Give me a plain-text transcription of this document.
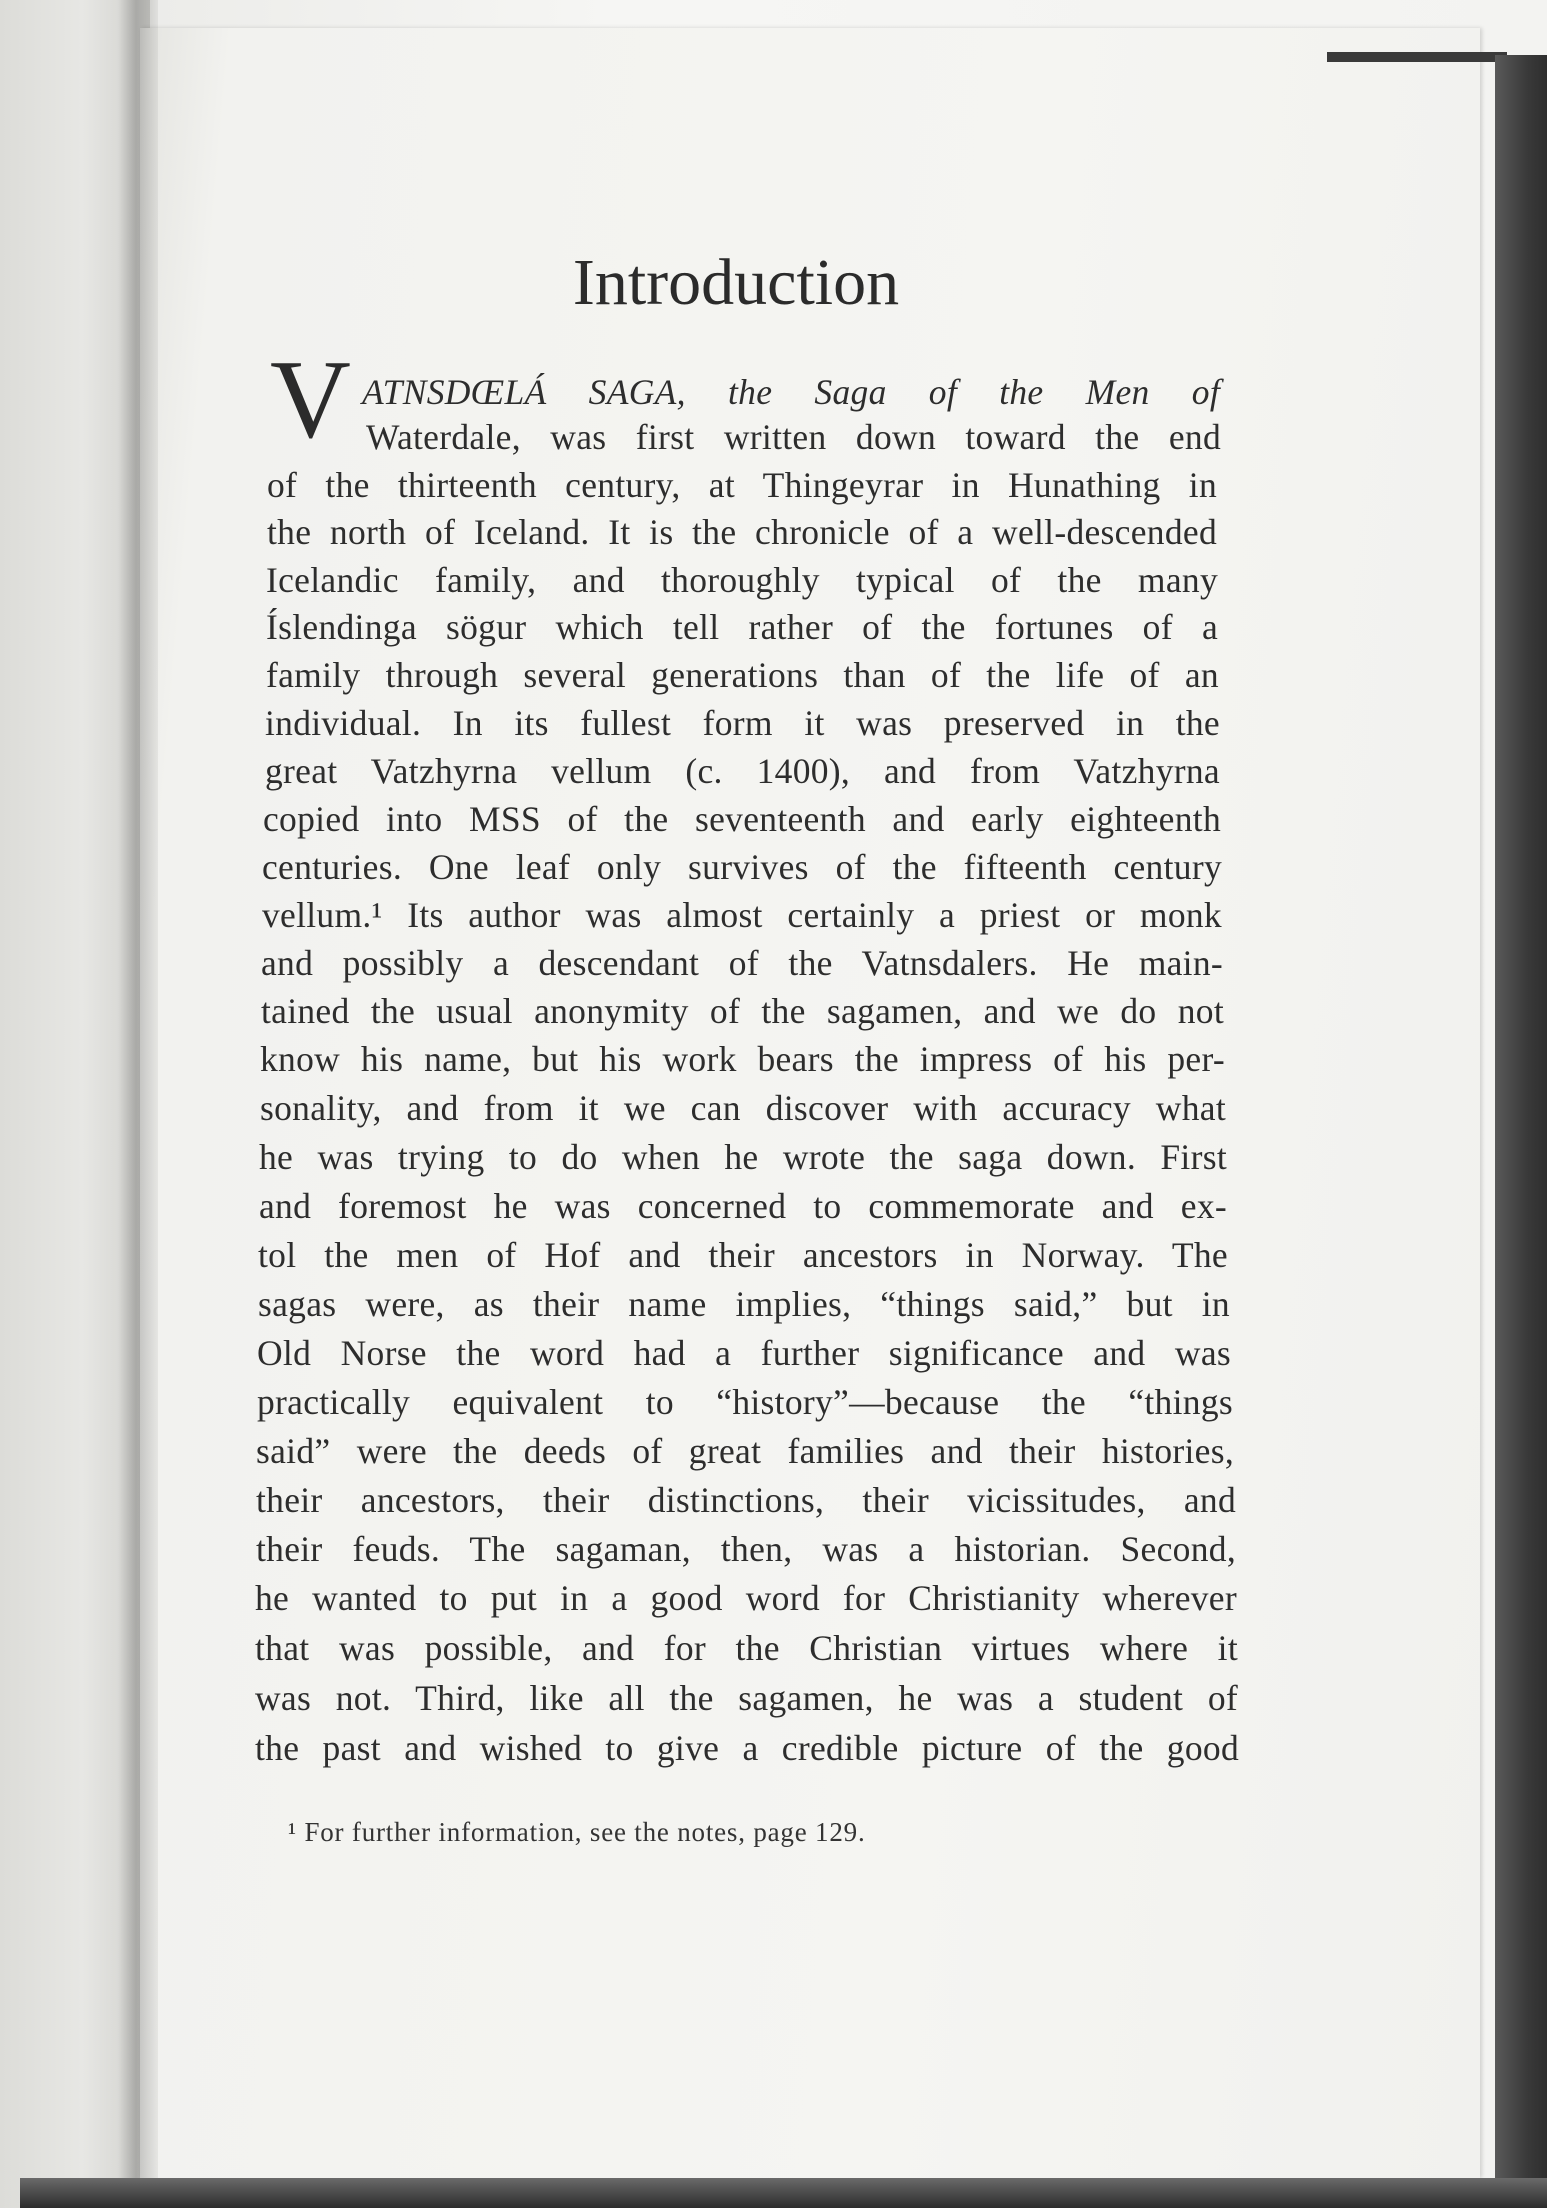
Introduction
V ATNSDŒLÁ SAGA, the Saga of the Men of
Waterdale, was first written down toward the end
of the thirteenth century, at Thingeyrar in Hunathing in
the north of Iceland. It is the chronicle of a well-descended
Icelandic family, and thoroughly typical of the many
Íslendinga sögur which tell rather of the fortunes of a
family through several generations than of the life of an
individual. In its fullest form it was preserved in the
great Vatzhyrna vellum (c. 1400), and from Vatzhyrna
copied into MSS of the seventeenth and early eighteenth
centuries. One leaf only survives of the fifteenth century
vellum.¹ Its author was almost certainly a priest or monk
and possibly a descendant of the Vatnsdalers. He main-
tained the usual anonymity of the sagamen, and we do not
know his name, but his work bears the impress of his per-
sonality, and from it we can discover with accuracy what
he was trying to do when he wrote the saga down. First
and foremost he was concerned to commemorate and ex-
tol the men of Hof and their ancestors in Norway. The
sagas were, as their name implies, “things said,” but in
Old Norse the word had a further significance and was
practically equivalent to “history”—because the “things
said” were the deeds of great families and their histories,
their ancestors, their distinctions, their vicissitudes, and
their feuds. The sagaman, then, was a historian. Second,
he wanted to put in a good word for Christianity wherever
that was possible, and for the Christian virtues where it
was not. Third, like all the sagamen, he was a student of
the past and wished to give a credible picture of the good
¹ For further information, see the notes, page 129.
